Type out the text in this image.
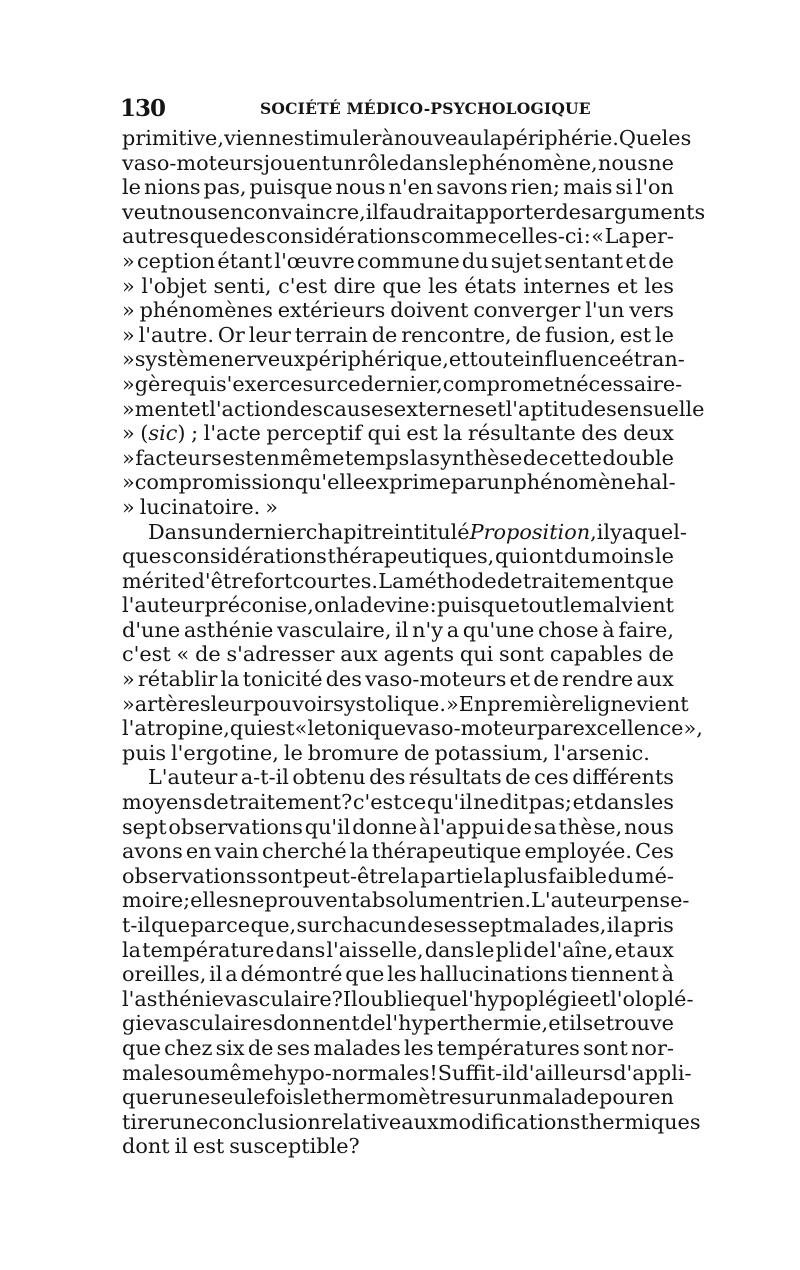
130	SOCIÉTÉ MÉDICO-PSYCHOLOGIQUE
primitive, vienne stimuler à nouveau la périphérie. Que les
vaso-moteurs jouent un rôle dans le phénomène, nous ne
le nions pas, puisque nous n'en savons rien; mais si l'on
veut nous en convaincre, il faudrait apporter des arguments
autres que des considérations comme celles-ci : « La per-
» ception étant l'œuvre commune du sujet sentant et de
» l'objet senti, c'est dire que les états internes et les
» phénomènes extérieurs doivent converger l'un vers
» l'autre. Or leur terrain de rencontre, de fusion, est le
» système nerveux périphérique, et toute influence étran-
» gère qui s'exerce sur ce dernier, compromet nécessaire-
» ment et l'action des causes externes et l'aptitude sensuelle
» (sic) ; l'acte perceptif qui est la résultante des deux
» facteurs est en même temps la synthèse de cette double
» compromission qu'elle exprime par un phénomène hal-
» lucinatoire. »
Dans un dernier chapitre intitulé Proposition, il y a quel-
ques considérations thérapeutiques, qui ont du moins le
mérite d'être fort courtes. La méthode de traitement que
l'auteur préconise, on la devine : puisque tout le mal vient
d'une asthénie vasculaire, il n'y a qu'une chose à faire,
c'est « de s'adresser aux agents qui sont capables de
» rétablir la tonicité des vaso-moteurs et de rendre aux
» artères leur pouvoir systolique. » En première ligne vient
l'atropine, qui est « le tonique vaso-moteur par excellence »,
puis l'ergotine, le bromure de potassium, l'arsenic.
L'auteur a-t-il obtenu des résultats de ces différents
moyens de traitement? c'est ce qu'il ne dit pas; et dans les
sept observations qu'il donne à l'appui de sa thèse, nous
avons en vain cherché la thérapeutique employée. Ces
observations sont peut-être la partie la plus faible du mé-
moire; elles ne prouvent absolument rien. L'auteur pense-
t-il que parce que, sur chacun de ses sept malades, il a pris
la température dans l'aisselle, dans le pli de l'aîne, et aux
oreilles, il a démontré que les hallucinations tiennent à
l'asthénie vasculaire? Il oublie que l'hypoplégie et l'oloplé-
gie vasculaires donnent de l'hyperthermie, et il se trouve
que chez six de ses malades les températures sont nor-
males ou même hypo-normales! Suffit-il d'ailleurs d'appli-
quer une seule fois le thermomètre sur un malade pour en
tirer une conclusion relative aux modifications thermiques
dont il est susceptible?
